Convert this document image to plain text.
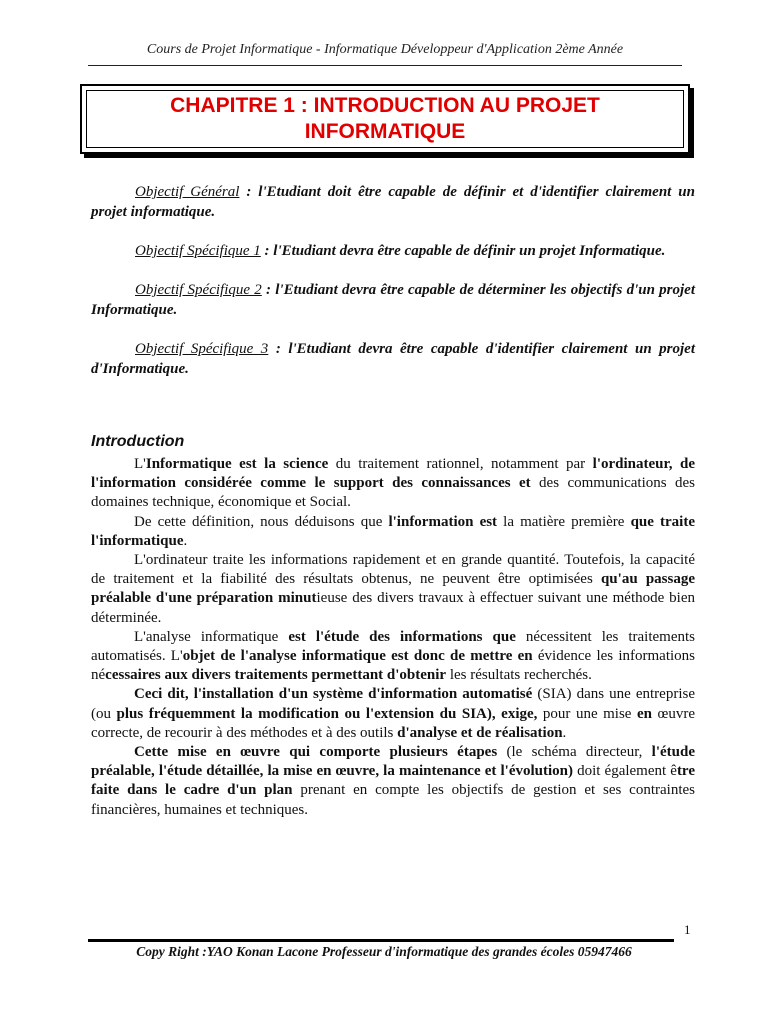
Cours de Projet Informatique - Informatique Développeur d'Application 2ème Année
CHAPITRE 1 : INTRODUCTION AU PROJET INFORMATIQUE

Objectif Général : l'Etudiant doit être capable de définir et d'identifier clairement un projet informatique.

Objectif Spécifique 1 : l'Etudiant devra être capable de définir un projet Informatique.

Objectif Spécifique 2 : l'Etudiant devra être capable de déterminer les objectifs d'un projet Informatique.

Objectif Spécifique 3 : l'Etudiant devra être capable d'identifier clairement un projet d'Informatique.

Introduction

L'Informatique est la science du traitement rationnel, notamment par l'ordinateur, de l'information considérée comme le support des connaissances et des communications des domaines technique, économique et Social.

De cette définition, nous déduisons que l'information est la matière première que traite l'informatique.

L'ordinateur traite les informations rapidement et en grande quantité. Toutefois, la capacité de traitement et la fiabilité des résultats obtenus, ne peuvent être optimisées qu'au passage préalable d'une préparation minutieuse des divers travaux à effectuer suivant une méthode bien déterminée.

L'analyse informatique est l'étude des informations que nécessitent les traitements automatisés. L'objet de l'analyse informatique est donc de mettre en évidence les informations nécessaires aux divers traitements permettant d'obtenir les résultats recherchés.

Ceci dit, l'installation d'un système d'information automatisé (SIA) dans une entreprise (ou plus fréquemment la modification ou l'extension du SIA), exige, pour une mise en œuvre correcte, de recourir à des méthodes et à des outils d'analyse et de réalisation.

Cette mise en œuvre qui comporte plusieurs étapes (le schéma directeur, l'étude préalable, l'étude détaillée, la mise en œuvre, la maintenance et l'évolution) doit également être faite dans le cadre d'un plan prenant en compte les objectifs de gestion et ses contraintes financières, humaines et techniques.

1
Copy Right :YAO Konan Lacone Professeur d'informatique des grandes écoles 05947466
